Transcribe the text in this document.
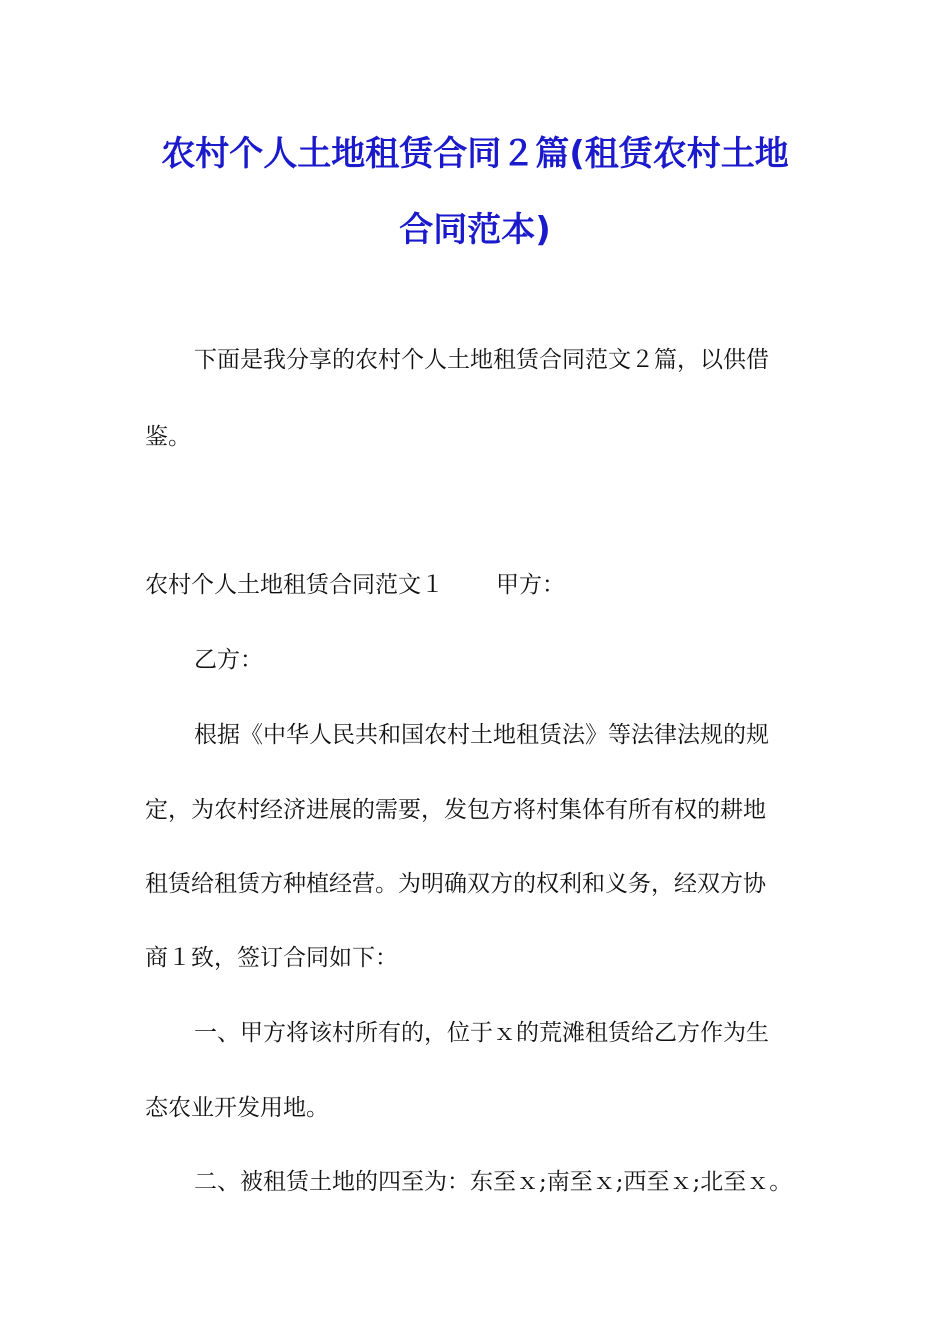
农村个人土地租赁合同２篇(租赁农村土地
合同范本)

下面是我分享的农村个人土地租赁合同范文２篇，以供借

鉴。

农村个人土地租赁合同范文１ 甲方：

乙方：

根据《中华人民共和国农村土地租赁法》等法律法规的规

定，为农村经济进展的需要，发包方将村集体有所有权的耕地

租赁给租赁方种植经营。为明确双方的权利和义务，经双方协

商１致，签订合同如下：

一、甲方将该村所有的，位于ｘ的荒滩租赁给乙方作为生

态农业开发用地。

二、被租赁土地的四至为：东至ｘ;南至ｘ;西至ｘ;北至ｘ。
